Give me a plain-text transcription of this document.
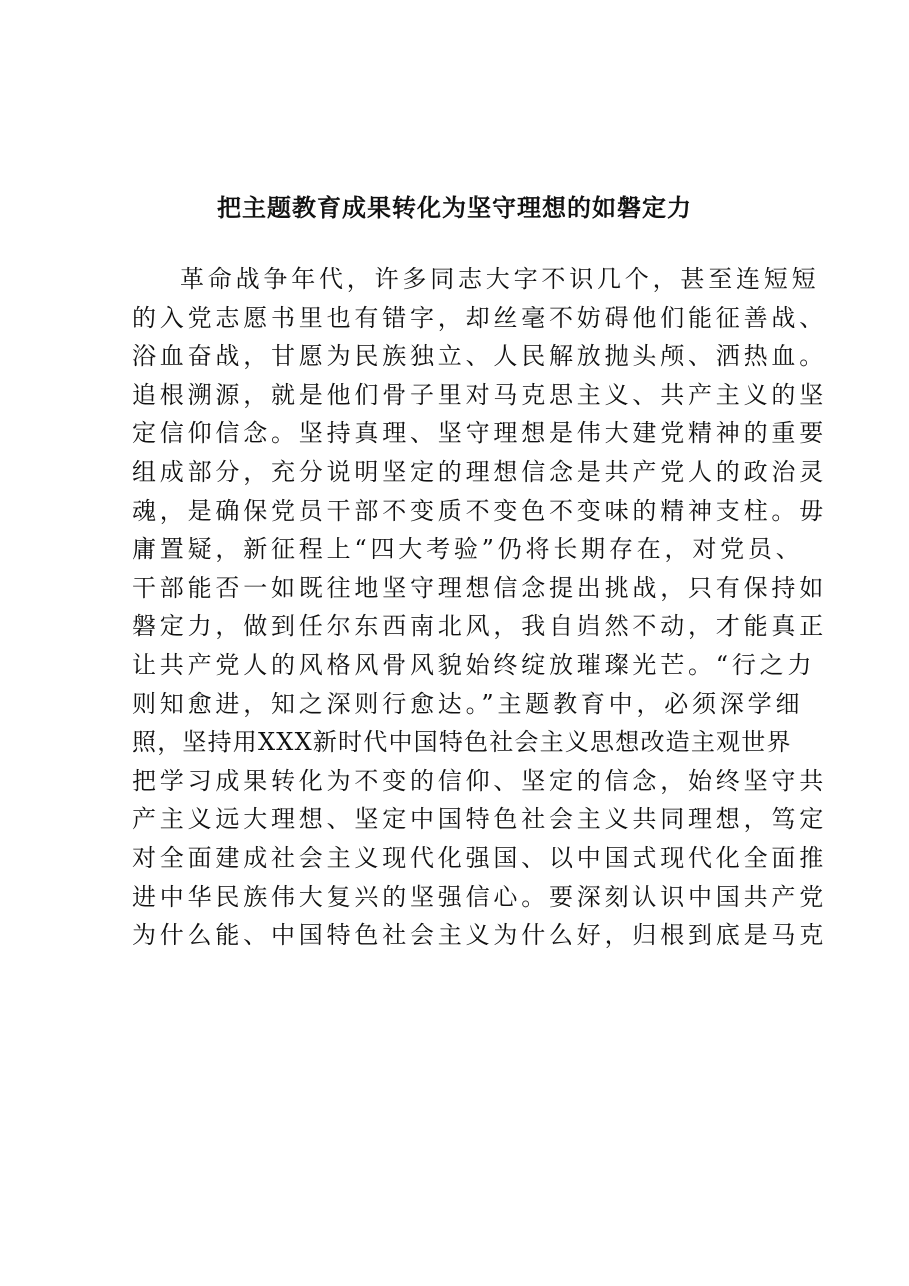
把主题教育成果转化为坚守理想的如磐定力
革命战争年代，许多同志大字不识几个，甚至连短短
的入党志愿书里也有错字，却丝毫不妨碍他们能征善战、
浴血奋战，甘愿为民族独立、人民解放抛头颅、洒热血。
追根溯源，就是他们骨子里对马克思主义、共产主义的坚
定信仰信念。坚持真理、坚守理想是伟大建党精神的重要
组成部分，充分说明坚定的理想信念是共产党人的政治灵
魂，是确保党员干部不变质不变色不变味的精神支柱。毋
庸置疑，新征程上“四大考验”仍将长期存在，对党员、
干部能否一如既往地坚守理想信念提出挑战，只有保持如
磐定力，做到任尔东西南北风，我自岿然不动，才能真正
让共产党人的风格风骨风貌始终绽放璀璨光芒。“行之力
则知愈进，知之深则行愈达。”主题教育中，必须深学细
照，坚持用XXX新时代中国特色社会主义思想改造主观世界
把学习成果转化为不变的信仰、坚定的信念，始终坚守共
产主义远大理想、坚定中国特色社会主义共同理想，笃定
对全面建成社会主义现代化强国、以中国式现代化全面推
进中华民族伟大复兴的坚强信心。要深刻认识中国共产党
为什么能、中国特色社会主义为什么好，归根到底是马克
